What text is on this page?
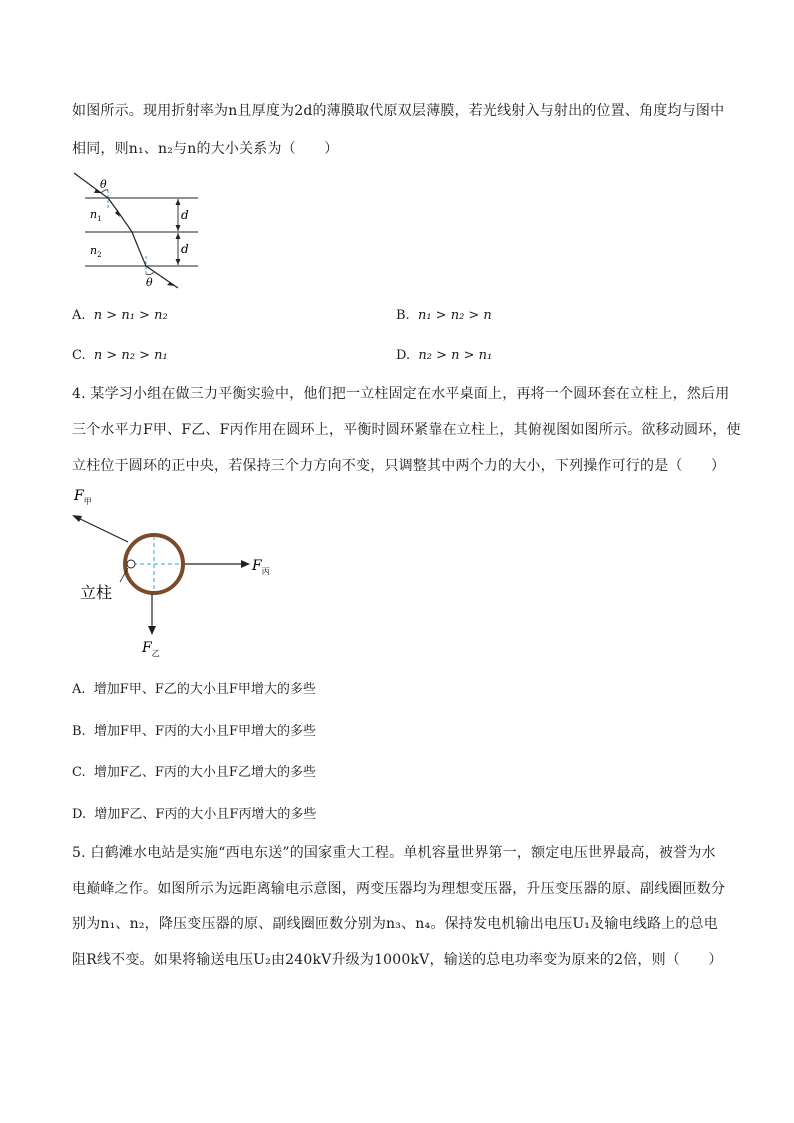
如图所示。现用折射率为n且厚度为2d的薄膜取代原双层薄膜，若光线射入与射出的位置、角度均与图中
相同，则n₁、n₂与n的大小关系为（　　）
θ
θ
$n_1$
$n_2$
d
d
A. n > n₁ > n₂	B. n₁ > n₂ > n
C. n > n₂ > n₁	D. n₂ > n > n₁
4. 某学习小组在做三力平衡实验中，他们把一立柱固定在水平桌面上，再将一个圆环套在立柱上，然后用
三个水平力F甲、F乙、F丙作用在圆环上，平衡时圆环紧靠在立柱上，其俯视图如图所示。欲移动圆环，使
立柱位于圆环的正中央，若保持三个力方向不变，只调整其中两个力的大小，下列操作可行的是（　　）
$F_甲$
$F_丙$
$F_乙$
立柱
A. 增加F甲、F乙的大小且F甲增大的多些
B. 增加F甲、F丙的大小且F甲增大的多些
C. 增加F乙、F丙的大小且F乙增大的多些
D. 增加F乙、F丙的大小且F丙增大的多些
5. 白鹤滩水电站是实施“西电东送”的国家重大工程。单机容量世界第一，额定电压世界最高，被誉为水
电巅峰之作。如图所示为远距离输电示意图，两变压器均为理想变压器，升压变压器的原、副线圈匝数分
别为n₁、n₂，降压变压器的原、副线圈匝数分别为n₃、n₄。保持发电机输出电压U₁及输电线路上的总电
阻R线不变。如果将输送电压U₂由240kV升级为1000kV，输送的总电功率变为原来的2倍，则（　　）
